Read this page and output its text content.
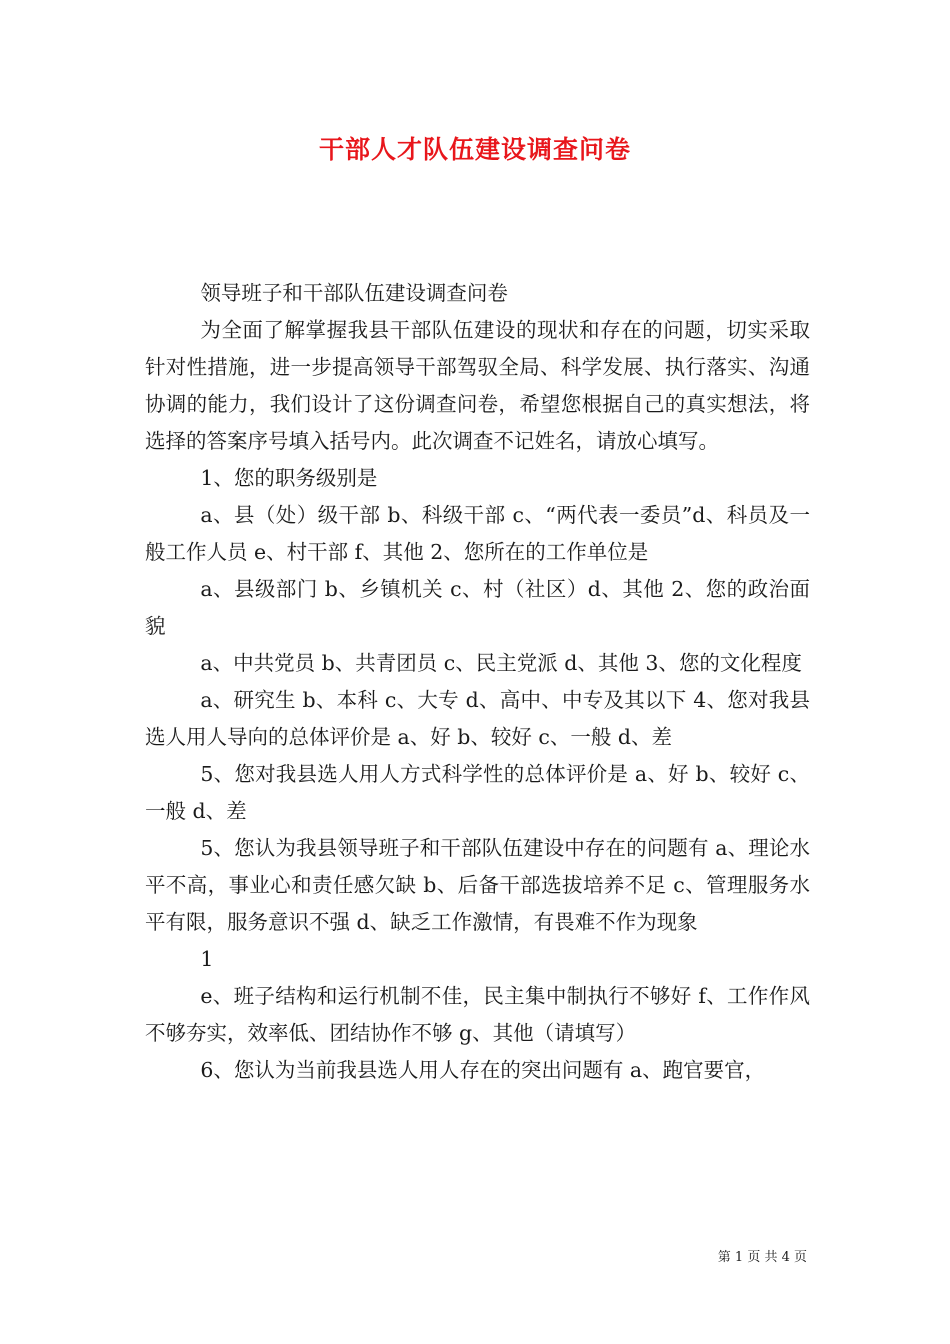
干部人才队伍建设调查问卷

领导班子和干部队伍建设调查问卷

为全面了解掌握我县干部队伍建设的现状和存在的问题，切实采取针对性措施，进一步提高领导干部驾驭全局、科学发展、执行落实、沟通协调的能力，我们设计了这份调查问卷，希望您根据自己的真实想法，将选择的答案序号填入括号内。此次调查不记姓名，请放心填写。

1、您的职务级别是

a、县（处）级干部 b、科级干部 c、“两代表一委员”d、科员及一般工作人员 e、村干部 f、其他 2、您所在的工作单位是

a、县级部门 b、乡镇机关 c、村（社区）d、其他 2、您的政治面貌

a、中共党员 b、共青团员 c、民主党派 d、其他 3、您的文化程度

a、研究生 b、本科 c、大专 d、高中、中专及其以下 4、您对我县选人用人导向的总体评价是 a、好 b、较好 c、一般 d、差

5、您对我县选人用人方式科学性的总体评价是 a、好 b、较好 c、一般 d、差

5、您认为我县领导班子和干部队伍建设中存在的问题有 a、理论水平不高，事业心和责任感欠缺 b、后备干部选拔培养不足 c、管理服务水平有限，服务意识不强 d、缺乏工作激情，有畏难不作为现象

1

e、班子结构和运行机制不佳，民主集中制执行不够好 f、工作作风不够夯实，效率低、团结协作不够 g、其他（请填写）

6、您认为当前我县选人用人存在的突出问题有 a、跑官要官，

第 1 页 共 4 页
